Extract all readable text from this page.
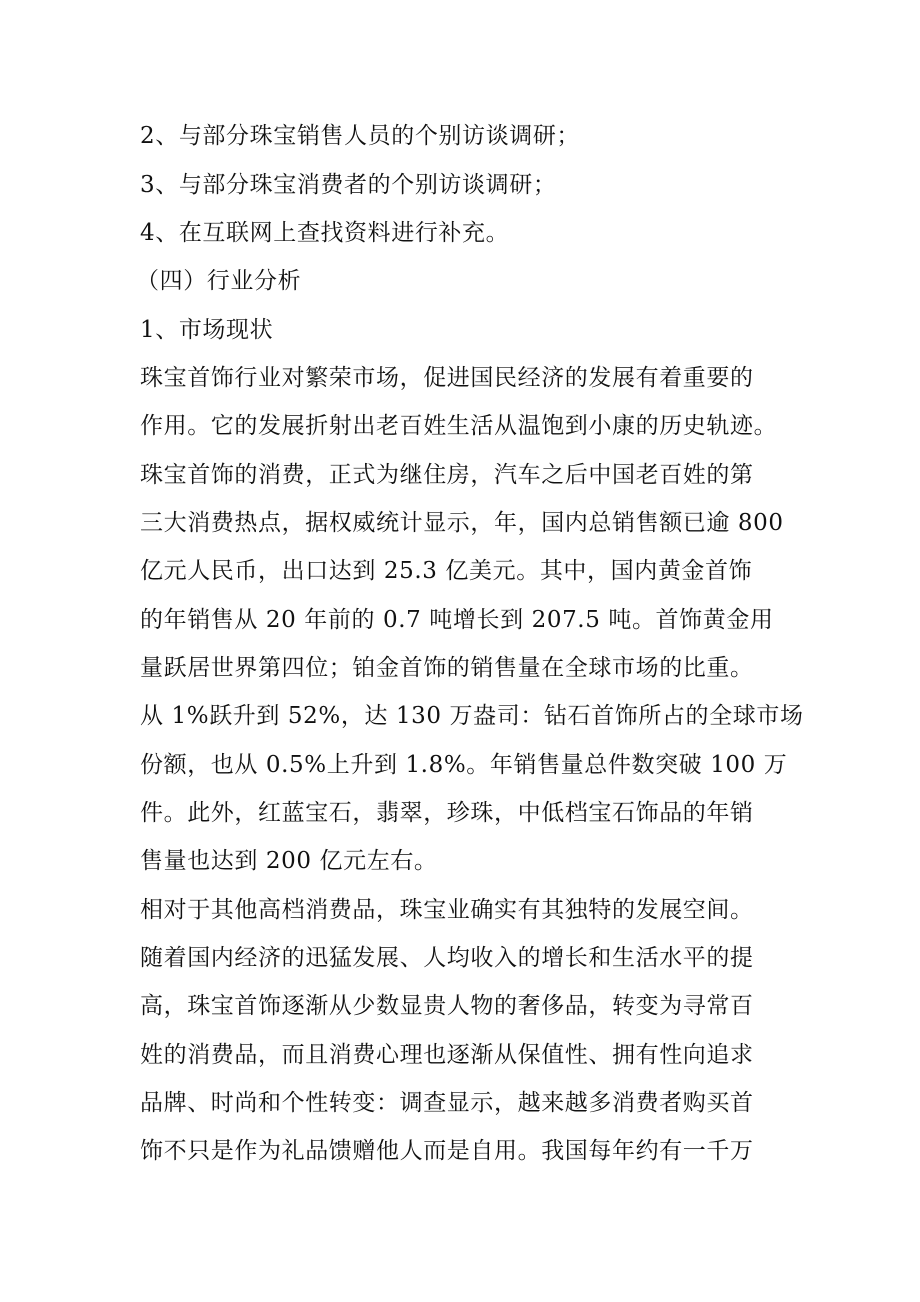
2、与部分珠宝销售人员的个别访谈调研；
3、与部分珠宝消费者的个别访谈调研；
4、在互联网上查找资料进行补充。
（四）行业分析
1、市场现状
珠宝首饰行业对繁荣市场，促进国民经济的发展有着重要的
作用。它的发展折射出老百姓生活从温饱到小康的历史轨迹。
珠宝首饰的消费，正式为继住房，汽车之后中国老百姓的第
三大消费热点，据权威统计显示，年，国内总销售额已逾 800
亿元人民币，出口达到 25.3 亿美元。其中，国内黄金首饰
的年销售从 20 年前的 0.7 吨增长到 207.5 吨。首饰黄金用
量跃居世界第四位；铂金首饰的销售量在全球市场的比重。
从 1%跃升到 52%，达 130 万盎司：钻石首饰所占的全球市场
份额，也从 0.5%上升到 1.8%。年销售量总件数突破 100 万
件。此外，红蓝宝石，翡翠，珍珠，中低档宝石饰品的年销
售量也达到 200 亿元左右。
相对于其他高档消费品，珠宝业确实有其独特的发展空间。
随着国内经济的迅猛发展、人均收入的增长和生活水平的提
高，珠宝首饰逐渐从少数显贵人物的奢侈品，转变为寻常百
姓的消费品，而且消费心理也逐渐从保值性、拥有性向追求
品牌、时尚和个性转变：调查显示，越来越多消费者购买首
饰不只是作为礼品馈赠他人而是自用。我国每年约有一千万
